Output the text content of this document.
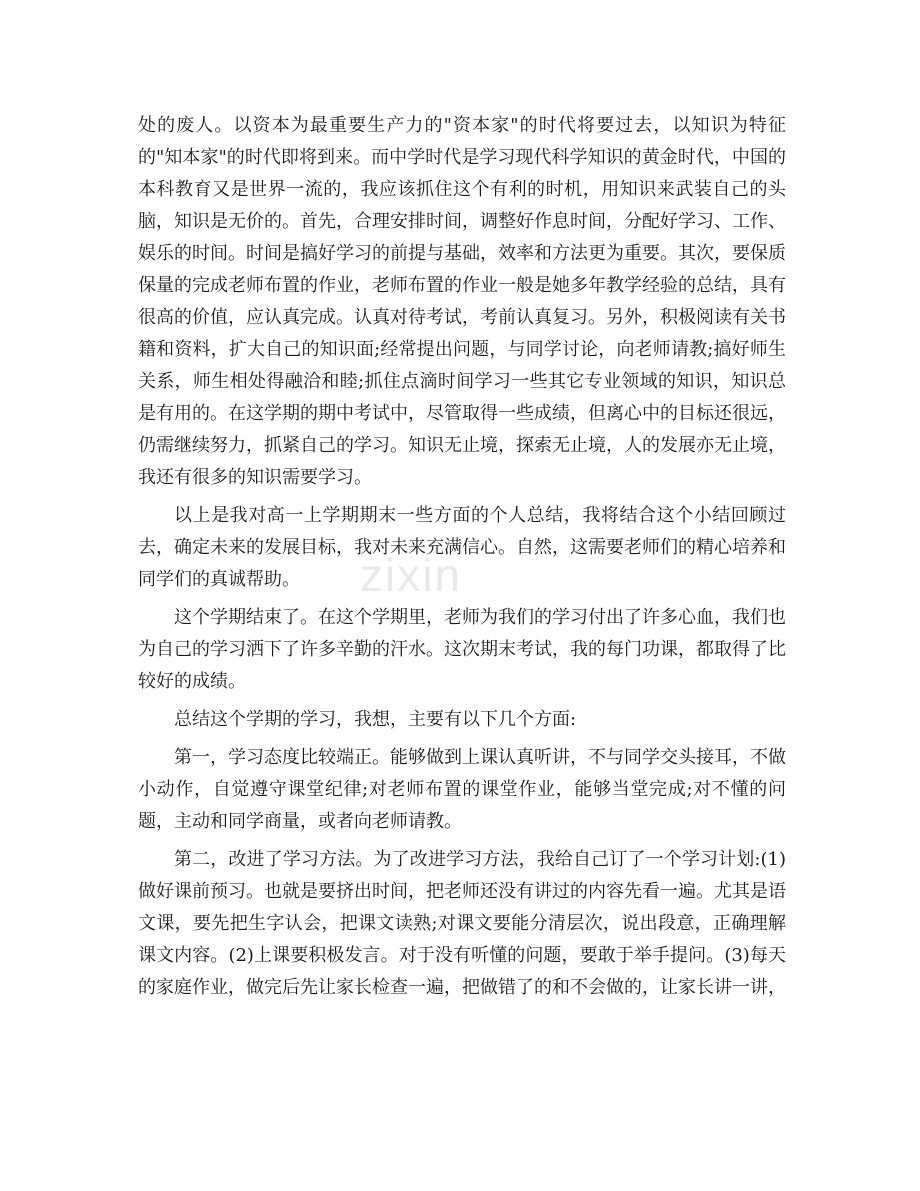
zixin

处的废人。以资本为最重要生产力的"资本家"的时代将要过去，以知识为特征的"知本家"的时代即将到来。而中学时代是学习现代科学知识的黄金时代，中国的本科教育又是世界一流的，我应该抓住这个有利的时机，用知识来武装自己的头脑，知识是无价的。首先，合理安排时间，调整好作息时间，分配好学习、工作、娱乐的时间。时间是搞好学习的前提与基础，效率和方法更为重要。其次，要保质保量的完成老师布置的作业，老师布置的作业一般是她多年教学经验的总结，具有很高的价值，应认真完成。认真对待考试，考前认真复习。另外，积极阅读有关书籍和资料，扩大自己的知识面;经常提出问题，与同学讨论，向老师请教;搞好师生关系，师生相处得融洽和睦;抓住点滴时间学习一些其它专业领域的知识，知识总是有用的。在这学期的期中考试中，尽管取得一些成绩，但离心中的目标还很远，仍需继续努力，抓紧自己的学习。知识无止境，探索无止境，人的发展亦无止境，我还有很多的知识需要学习。

以上是我对高一上学期期末一些方面的个人总结，我将结合这个小结回顾过去，确定未来的发展目标，我对未来充满信心。自然，这需要老师们的精心培养和同学们的真诚帮助。

这个学期结束了。在这个学期里，老师为我们的学习付出了许多心血，我们也为自己的学习洒下了许多辛勤的汗水。这次期末考试，我的每门功课，都取得了比较好的成绩。

总结这个学期的学习，我想，主要有以下几个方面:

第一，学习态度比较端正。能够做到上课认真听讲，不与同学交头接耳，不做小动作，自觉遵守课堂纪律;对老师布置的课堂作业，能够当堂完成;对不懂的问题，主动和同学商量，或者向老师请教。

第二，改进了学习方法。为了改进学习方法，我给自己订了一个学习计划:(1)做好课前预习。也就是要挤出时间，把老师还没有讲过的内容先看一遍。尤其是语文课，要先把生字认会，把课文读熟;对课文要能分清层次，说出段意，正确理解课文内容。(2)上课要积极发言。对于没有听懂的问题，要敢于举手提问。(3)每天的家庭作业，做完后先让家长检查一遍，把做错了的和不会做的，让家长讲一讲，
